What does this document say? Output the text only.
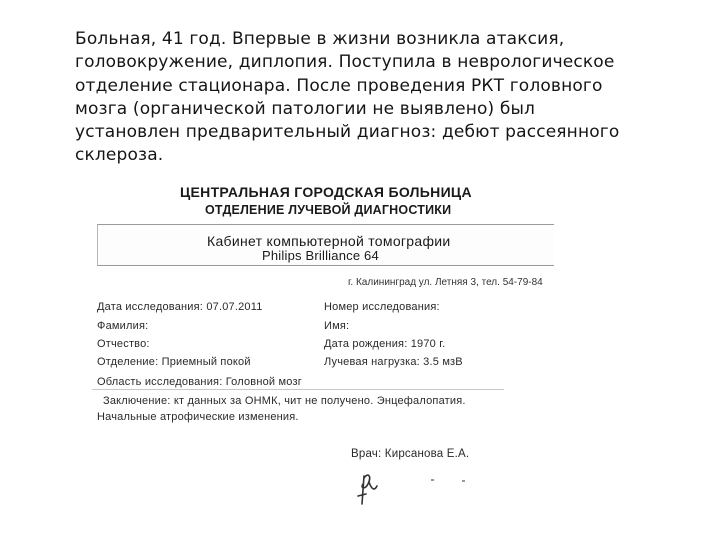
Больная, 41 год. Впервые в жизни возникла атаксия,
головокружение, диплопия. Поступила в неврологическое
отделение стационара. После проведения РКТ головного
мозга (органической патологии не выявлено) был
установлен предварительный диагноз: дебют рассеянного
склероза.
ЦЕНТРАЛЬНАЯ ГОРОДСКАЯ БОЛЬНИЦА
ОТДЕЛЕНИЕ ЛУЧЕВОЙ ДИАГНОСТИКИ
Кабинет компьютерной томографии
Philips Brilliance 64
г. Калининград ул. Летняя 3, тел. 54-79-84
Дата исследования: 07.07.2011	Номер исследования:
Фамилия:	Имя:
Отчество:	Дата рождения: 1970 г.
Отделение: Приемный покой	Лучевая нагрузка: 3.5 мзВ
Область исследования: Головной мозг
Заключение: кт данных за ОНМК, чит не получено. Энцефалопатия.
Начальные атрофические изменения.
Врач: Кирсанова Е.А.
